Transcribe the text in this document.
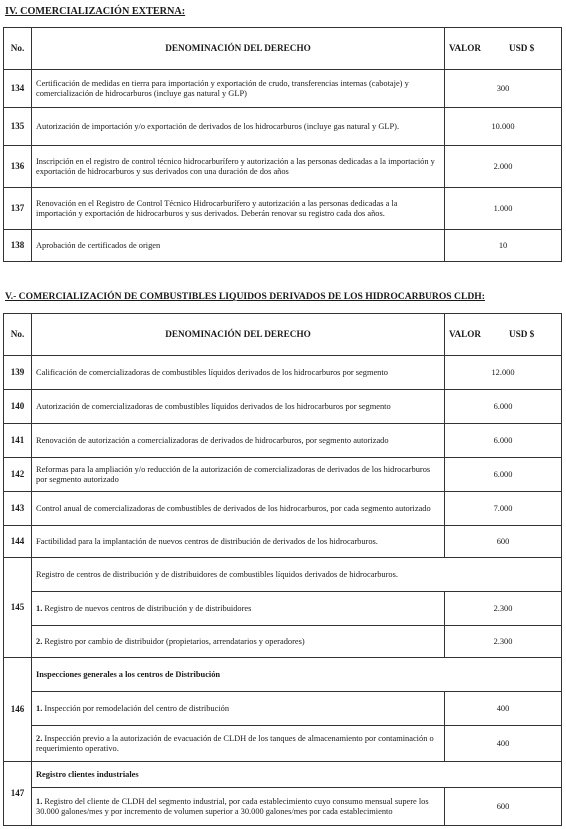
IV. COMERCIALIZACIÓN EXTERNA:
No.	DENOMINACIÓN DEL DERECHO	VALOR USD $
134	Certificación de medidas en tierra para importación y exportación de crudo, transferencias internas (cabotaje) y comercialización de hidrocarburos (incluye gas natural y GLP)	300
135	Autorización de importación y/o exportación de derivados de los hidrocarburos (incluye gas natural y GLP).	10.000
136	Inscripción en el registro de control técnico hidrocarburífero y autorización a las personas dedicadas a la importación y exportación de hidrocarburos y sus derivados con una duración de dos años	2.000
137	Renovación en el Registro de Control Técnico Hidrocarburífero y autorización a las personas dedicadas a la importación y exportación de hidrocarburos y sus derivados. Deberán renovar su registro cada dos años.	1.000
138	Aprobación de certificados de origen	10
V.- COMERCIALIZACIÓN DE COMBUSTIBLES LIQUIDOS DERIVADOS DE LOS HIDROCARBUROS CLDH:
No.	DENOMINACIÓN DEL DERECHO	VALOR USD $
139	Calificación de comercializadoras de combustibles líquidos derivados de los hidrocarburos por segmento	12.000
140	Autorización de comercializadoras de combustibles líquidos derivados de los hidrocarburos por segmento	6.000
141	Renovación de autorización a comercializadoras de derivados de hidrocarburos, por segmento autorizado	6.000
142	Reformas para la ampliación y/o reducción de la autorización de comercializadoras de derivados de los hidrocarburos por segmento autorizado	6.000
143	Control anual de comercializadoras de combustibles de derivados de los hidrocarburos, por cada segmento autorizado	7.000
144	Factibilidad para la implantación de nuevos centros de distribución de derivados de los hidrocarburos.	600
145	Registro de centros de distribución y de distribuidores de combustibles líquidos derivados de hidrocarburos.	
	1. Registro de nuevos centros de distribución y de distribuidores	2.300
	2. Registro por cambio de distribuidor (propietarios, arrendatarios y operadores)	2.300
146	Inspecciones generales a los centros de Distribución	
	1. Inspección por remodelación del centro de distribución	400
	2. Inspección previo a la autorización de evacuación de CLDH de los tanques de almacenamiento por contaminación o requerimiento operativo.	400
147	Registro clientes industriales	
	1. Registro del cliente de CLDH del segmento industrial, por cada establecimiento cuyo consumo mensual supere los 30.000 galones/mes y por incremento de volumen superior a 30.000 galones/mes por cada establecimiento	600
